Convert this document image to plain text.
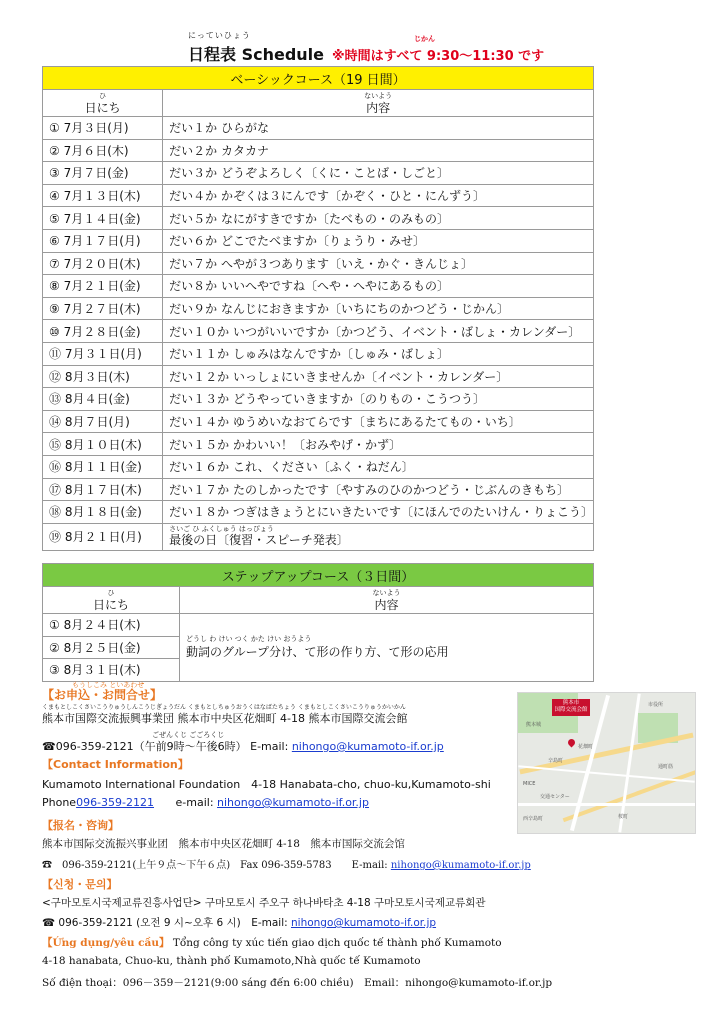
にっていひょう
日程表 Schedule ※時間はすべて 9:30～11:30 です
じかん
ベーシックコース（19 日間）	

ひ
日にち	ないよう
内容

① 7月３日(月)	だい１か ひらがな
② 7月６日(木)	だい２か カタカナ
③ 7月７日(金)	だい３か どうぞよろしく〔くに・ことば・しごと〕
④ 7月１３日(木)	だい４か かぞくは３にんです〔かぞく・ひと・にんずう〕
⑤ 7月１４日(金)	だい５か なにがすきですか〔たべもの・のみもの〕
⑥ 7月１７日(月)	だい６か どこでたべますか〔りょうり・みせ〕
⑦ 7月２０日(木)	だい７か へやが３つあります〔いえ・かぐ・きんじょ〕
⑧ 7月２１日(金)	だい８か いいへやですね〔へや・へやにあるもの〕
⑨ 7月２７日(木)	だい９か なんじにおきますか〔いちにちのかつどう・じかん〕
⑩ 7月２８日(金)	だい１０か いつがいいですか〔かつどう、イベント・ばしょ・カレンダー〕
⑪ 7月３１日(月)	だい１１か しゅみはなんですか〔しゅみ・ばしょ〕
⑫ 8月３日(木)	だい１２か いっしょにいきませんか〔イベント・カレンダー〕
⑬ 8月４日(金)	だい１３か どうやっていきますか〔のりもの・こうつう〕
⑭ 8月７日(月)	だい１４か ゆうめいなおてらです〔まちにあるたてもの・いち〕
⑮ 8月１０日(木)	だい１５か かわいい！〔おみやげ・かず〕
⑯ 8月１１日(金)	だい１６か これ、ください〔ふく・ねだん〕
⑰ 8月１７日(木)	だい１７か たのしかったです〔やすみのひのかつどう・じぶんのきもち〕
⑱ 8月１８日(金)	だい１８か つぎはきょうとにいきたいです〔にほんでのたいけん・りょこう〕
⑲ 8月２１日(月)	さいご ひ ふくしゅう はっぴょう
最後の日〔復習・スピーチ発表〕
ステップアップコース（３日間）	

ひ
日にち	ないよう
内容

① 8月２４日(木)	どうし わ けい つく かた けい おうよう
動詞のグループ分け、て形の作り方、て形の応用
② 8月２５日(金)	
③ 8月３１日(木)	
もうしこみ といあわせ
【お申込・お問合せ】
くまもとしこくさいこうりゅうしんこうじぎょうだん くまもとしちゅうおうくはなばたちょう くまもとしこくさいこうりゅうかいかん
熊本市国際交流振興事業団 熊本市中央区花畑町 4-18 熊本市国際交流会館
ごぜんくじ ごごろくじ
☎096-359-2121（午前9時～午後6時） E-mail: nihongo@kumamoto-if.or.jp
【Contact Information】
Kumamoto International Foundation　4-18 Hanabata-cho, chuo-ku,Kumamoto-shi
Phone096-359-2121 e-mail: nihongo@kumamoto-if.or.jp
【报名・咨询】
熊本市国际交流振兴事业团　熊本市中央区花畑町 4-18　熊本市国际交流会馆
☎　096-359-2121(上午９点～下午６点)　Fax 096-359-5783　　E-mail: nihongo@kumamoto-if.or.jp
【신청・문의】
<구마모토시국제교류진흥사업단> 구마모토시 주오구 하나바타초 4-18 구마모토시국제교류회관
☎ 096-359-2121 (오전 9 시~오후 6 시)　E-mail: nihongo@kumamoto-if.or.jp
【Ứng dụng/yêu cầu】 Tổng công ty xúc tiến giao dịch quốc tế thành phố Kumamoto
4-18 hanabata, Chuo-ku, thành phố Kumamoto,Nhà quốc tế Kumamoto
Số điện thoại：096－359－2121(9:00 sáng đến 6:00 chiều)　Email：nihongo@kumamoto-if.or.jp
熊本市
国際交流会館
熊本城
市役所
花畑町
辛島町
MICE
交通センター
通町筋
西辛島町	桜町
